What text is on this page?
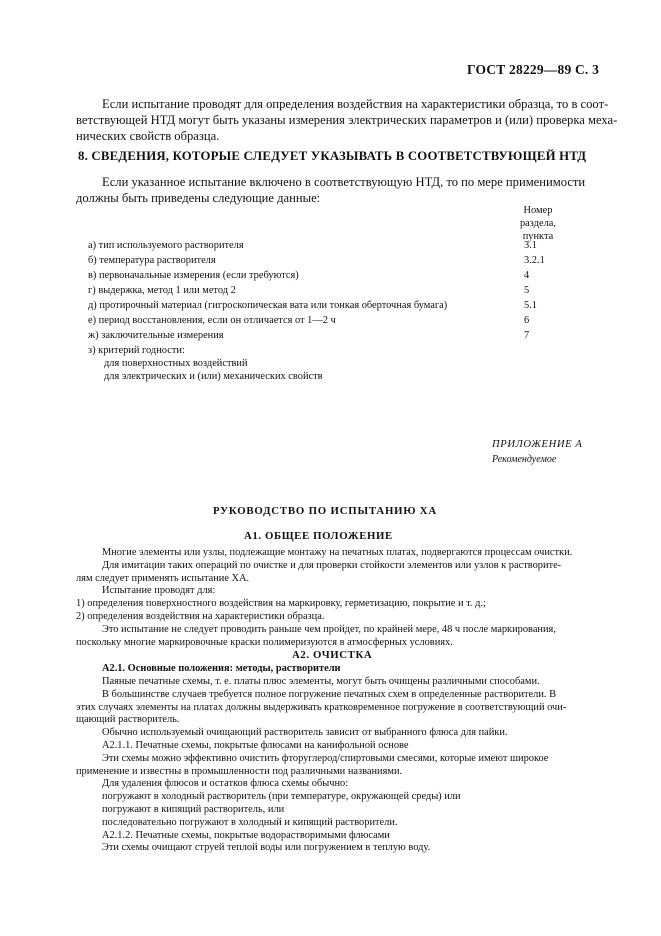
ГОСТ 28229—89 С. 3
Если испытание проводят для определения воздействия на характеристики образца, то в соот-
ветствующей НТД могут быть указаны измерения электрических параметров и (или) проверка меха-
нических свойств образца.
8. СВЕДЕНИЯ, КОТОРЫЕ СЛЕДУЕТ УКАЗЫВАТЬ В СООТВЕТСТВУЮЩЕЙ НТД
Если указанное испытание включено в соответствующую НТД, то по мере применимости
должны быть приведены следующие данные:
Номер
раздела,
пункта
а) тип используемого растворителя	3.1
б) температура растворителя	3.2.1
в) первоначальные измерения (если требуются)	4
г) выдержка, метод 1 или метод 2	5
д) протирочный материал (гигроскопическая вата или тонкая оберточная бумага)	5.1
е) период восстановления, если он отличается от 1—2 ч	6
ж) заключительные измерения	7
з) критерий годности:
для поверхностных воздействий
для электрических и (или) механических свойств
ПРИЛОЖЕНИЕ А
Рекомендуемое
РУКОВОДСТВО ПО ИСПЫТАНИЮ ХА
А1. ОБЩЕЕ ПОЛОЖЕНИЕ
Многие элементы или узлы, подлежащие монтажу на печатных платах, подвергаются процессам очистки.
Для имитации таких операций по очистке и для проверки стойкости элементов или узлов к растворите-
лям следует применять испытание ХА.
Испытание проводят для:
1) определения поверхностного воздействия на маркировку, герметизацию, покрытие и т. д.;
2) определения воздействия на характеристики образца.
Это испытание не следует проводить раньше чем пройдет, по крайней мере, 48 ч после маркирования,
поскольку многие маркировочные краски полимеризуются в атмосферных условиях.
А2. ОЧИСТКА
А2.1. Основные положения: методы, растворители
Паяные печатные схемы, т. е. платы плюс элементы, могут быть очищены различными способами.
В большинстве случаев требуется полное погружение печатных схем в определенные растворители. В
этих случаях элементы на платах должны выдерживать кратковременное погружение в соответствующий очи-
щающий растворитель.
Обычно используемый очищающий растворитель зависит от выбранного флюса для пайки.
А2.1.1. Печатные схемы, покрытые флюсами на канифольной основе
Эти схемы можно эффективно очистить фторуглерод/спиртовыми смесями, которые имеют широкое
применение и известны в промышленности под различными названиями.
Для удаления флюсов и остатков флюса схемы обычно:
погружают в холодный растворитель (при температуре, окружающей среды) или
погружают в кипящий растворитель, или
последовательно погружают в холодный и кипящий растворители.
А2.1.2. Печатные схемы, покрытые водорастворимыми флюсами
Эти схемы очищают струей теплой воды или погружением в теплую воду.
